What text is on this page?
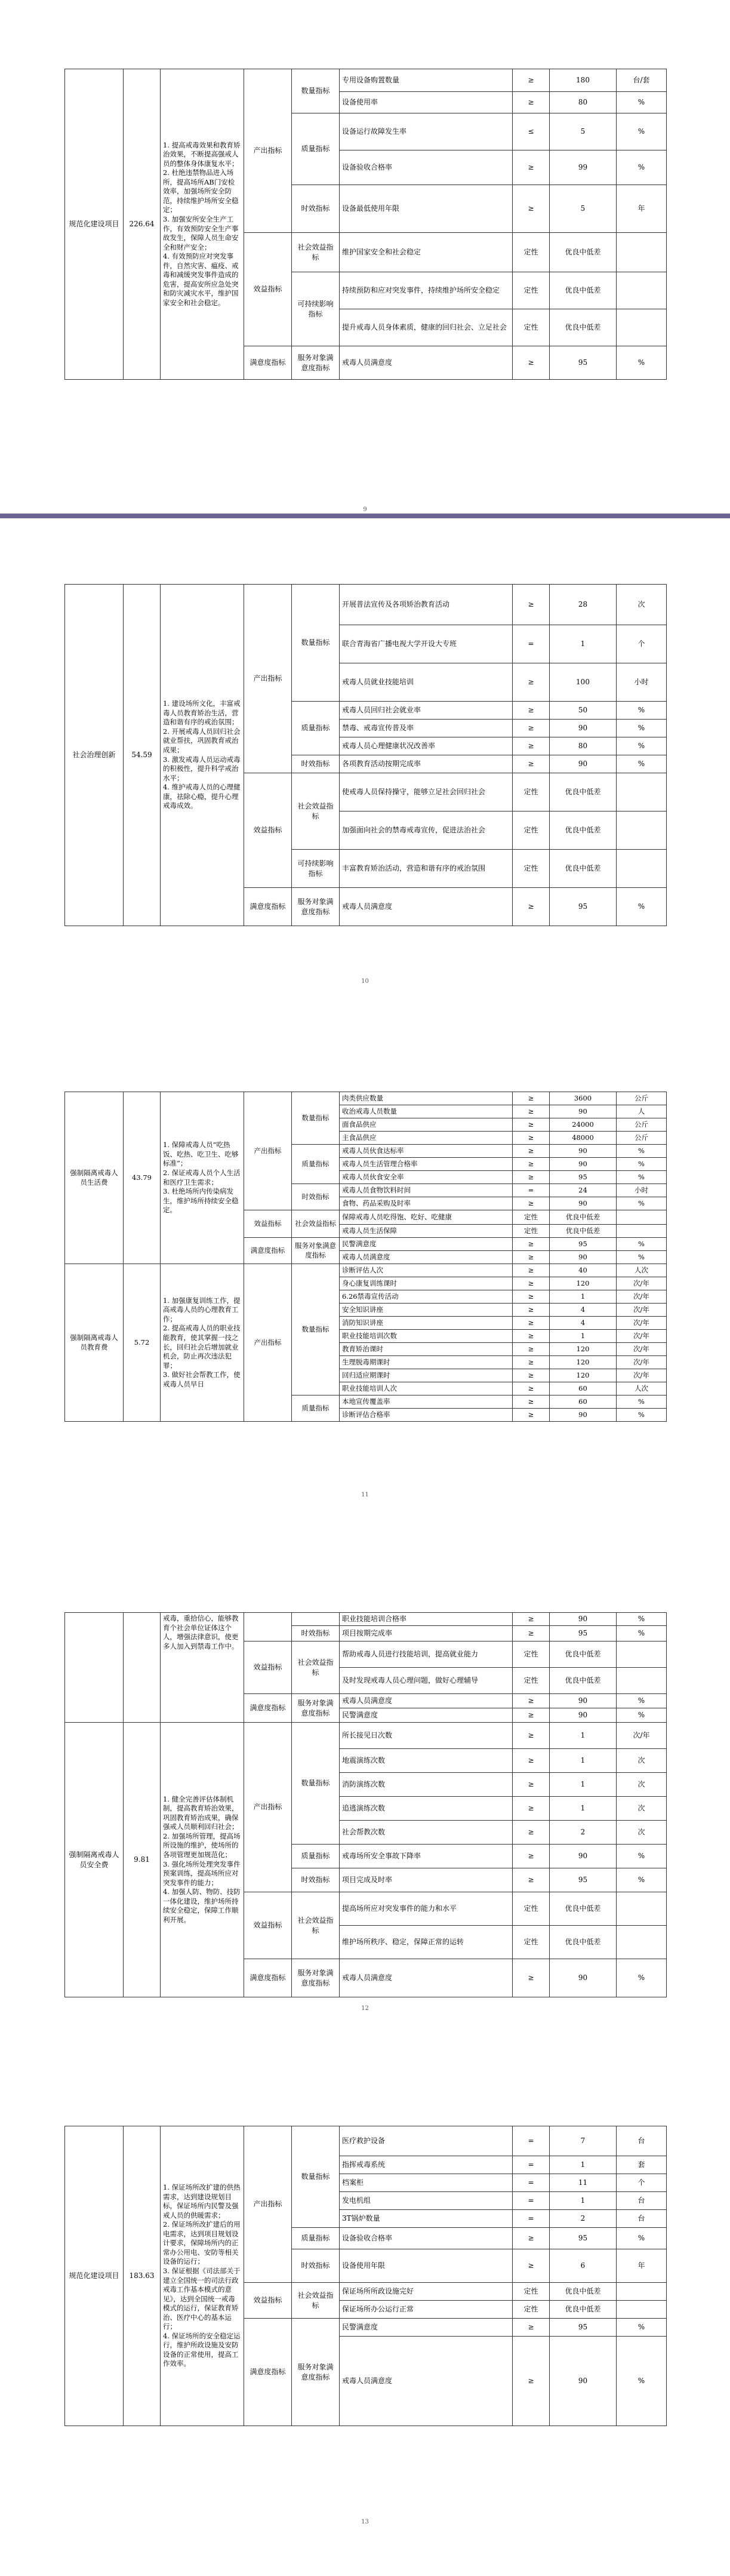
规范化建设项目	226.64	1. 提高戒毒效果和教育矫治效果，不断提高强戒人员的整体身体康复水平；
2. 杜绝违禁物品进入场所，提高场所AB门安检效率，加强场所安全防范，持续维护场所安全稳定；
3. 加强安所安全生产工作，有效预防安全生产事故发生，保障人员生命安全和财产安全；
4. 有效预防应对突发事件，自然灾害、瘟疫、戒毒和减缓突发事件造成的危害，提高安所应急处突和防灾减灾水平，维护国家安全和社会稳定。	产出指标	数量指标	专用设备购置数量	≥	180	台/套
					设备使用率	≥	80	%
				质量指标	设备运行故障发生率	≤	5	%
					设备验收合格率	≥	99	%
				时效指标	设备最低使用年限	≥	5	年
			效益指标	社会效益指标	维护国家安全和社会稳定	定性	优良中低差	
				可持续影响指标	持续预防和应对突发事件，持续维护场所安全稳定	定性	优良中低差	
					提升戒毒人员身体素质，健康的回归社会、立足社会	定性	优良中低差	
			满意度指标	服务对象满意度指标	戒毒人员满意度	≥	95	%
9
社会治理创新	54.59	1. 建设场所文化，丰富戒毒人员教育矫治生活，营造和谐有序的戒治氛围；
2. 开展戒毒人员回归社会就业帮扶，巩固教育戒治成果；
3. 激发戒毒人员运动戒毒的积极性，提升科学戒治水平；
4. 维护戒毒人员的心理健康，祛除心瘾，提升心理戒毒成效。	产出指标	数量指标	开展普法宣传及各项矫治教育活动	≥	28	次
					联合青海省广播电视大学开设大专班	=	1	个
					戒毒人员就业技能培训	≥	100	小时
				质量指标	戒毒人员回归社会就业率	≥	50	%
					禁毒、戒毒宣传普及率	≥	90	%
					戒毒人员心理健康状况改善率	≥	80	%
				时效指标	各项教育活动按期完成率	≥	90	%
			效益指标	社会效益指标	使戒毒人员保持操守，能够立足社会回归社会	定性	优良中低差	
					加强面向社会的禁毒戒毒宣传，促进法治社会	定性	优良中低差	
				可持续影响指标	丰富教育矫治活动，营造和谐有序的戒治氛围	定性	优良中低差	
			满意度指标	服务对象满意度指标	戒毒人员满意度	≥	95	%
10
强制隔离戒毒人员生活费	43.79	1. 保障戒毒人员“吃热饭、吃热、吃卫生、吃够标准”；
2. 保证戒毒人员个人生活和医疗卫生需求；
3. 杜绝场所内传染病发生，维护场所持续安全稳定。	产出指标	数量指标	肉类供应数量	≥	3600	公斤
					收治戒毒人员数量	≥	90	人
					面食品供应	≥	24000	公斤
					主食品供应	≥	48000	公斤
				质量指标	戒毒人员伙食达标率	≥	90	%
					戒毒人员生活管理合格率	≥	90	%
					戒毒人员伙食安全率	≥	95	%
				时效指标	戒毒人员食物饮料时间	=	24	小时
					食物、药品采购及时率	≥	90	%
			效益指标	社会效益指标	保障戒毒人员吃得饱、吃好、吃健康	定性	优良中低差	
					戒毒人员生活保障	定性	优良中低差	
			满意度指标	服务对象满意度指标	民警满意度	≥	95	%
					戒毒人员满意度	≥	90	%
强制隔离戒毒人员教育费	5.72	1. 加强康复训练工作，提高戒毒人员的心理教育工作；
2. 提高戒毒人员的职业技能教育，使其掌握一技之长，回归社会后增加就业机会，防止再次违法犯罪；
3. 做好社会帮教工作，使戒毒人员早日	产出指标	数量指标	诊断评估人次	≥	40	人次
					身心康复训练课时	≥	120	次/年
					6.26禁毒宣传活动	≥	1	次/年
					安全知识讲座	≥	4	次/年
					消防知识讲座	≥	4	次/年
					职业技能培训次数	≥	1	次/年
					教育矫治课时	≥	120	次/年
					生理脱毒期课时	≥	120	次/年
					回归适应期课时	≥	120	次/年
					职业技能培训人次	≥	60	人次
				质量指标	本地宣传覆盖率	≥	60	%
					诊断评估合格率	≥	90	%
11
		戒毒，重拾信心，能够教育个社会单位证体这个人，增强法律意识，使更多人加入到禁毒工作中。			职业技能培训合格率	≥	90	%
				时效指标	项目按期完成率	≥	95	%
			效益指标	社会效益指标	帮助戒毒人员进行技能培训，提高就业能力	定性	优良中低差	
					及时发现戒毒人员心理问题，做好心理辅导	定性	优良中低差	
			满意度指标	服务对象满意度指标	戒毒人员满意度	≥	90	%
					民警满意度	≥	90	%
强制隔离戒毒人员安全费	9.81	1. 健全完善评估体制机制，提高教育矫治效果，巩固教育矫治成果，确保强戒人员顺利回归社会；
2. 加强场所管理，提高场所设施的维护，使场所的各项管理更加规范化；
3. 强化场所处理突发事件预案训练，提高场所应对突发事件的能力；
4. 加强人防、物防、技防一体化建设，维护场所持续安全稳定，保障工作顺利开展。	产出指标	数量指标	所长接见日次数	≥	1	次/年
					地震演练次数	≥	1	次
					消防演练次数	≥	1	次
					追逃演练次数	≥	1	次
					社会帮教次数	≥	2	次
				质量指标	戒毒场所安全事故下降率	≥	90	%
				时效指标	项目完成及时率	≥	95	%
			效益指标	社会效益指标	提高场所应对突发事件的能力和水平	定性	优良中低差	
					维护场所秩序、稳定，保障正常的运转	定性	优良中低差	
			满意度指标	服务对象满意度指标	戒毒人员满意度	≥	90	%
12
规范化建设项目	183.63	1. 保证场所改扩建的供热需求，达到建设规划目标，保证场所内民警及强戒人员的供暖需求；
2. 保证场所改扩建后的用电需求，达到项目规划设计要求，保障场所内的正常办公用电、安防等相关设备的运行；
3. 保证根据《司法部关于建立全国统一的司法行政戒毒工作基本模式的意见》，达到全国统一戒毒模式的运行，保证教育矫治、医疗中心的基本运行；
4. 保证场所的安全稳定运行，维护所政设施及安防设备的正常使用，提高工作效率。	产出指标	数量指标	医疗救护设备	=	7	台
					指挥戒毒系统	=	1	套
					档案柜	=	11	个
					发电机组	=	1	台
					3T锅炉数量	=	2	台
				质量指标	设备验收合格率	≥	95	%
				时效指标	设备使用年限	≥	6	年
			效益指标	社会效益指标	保证场所所政设施完好	定性	优良中低差	
					保证场所办公运行正常	定性	优良中低差	
			满意度指标	服务对象满意度指标	民警满意度	≥	95	%
					戒毒人员满意度	≥	90	%
13
